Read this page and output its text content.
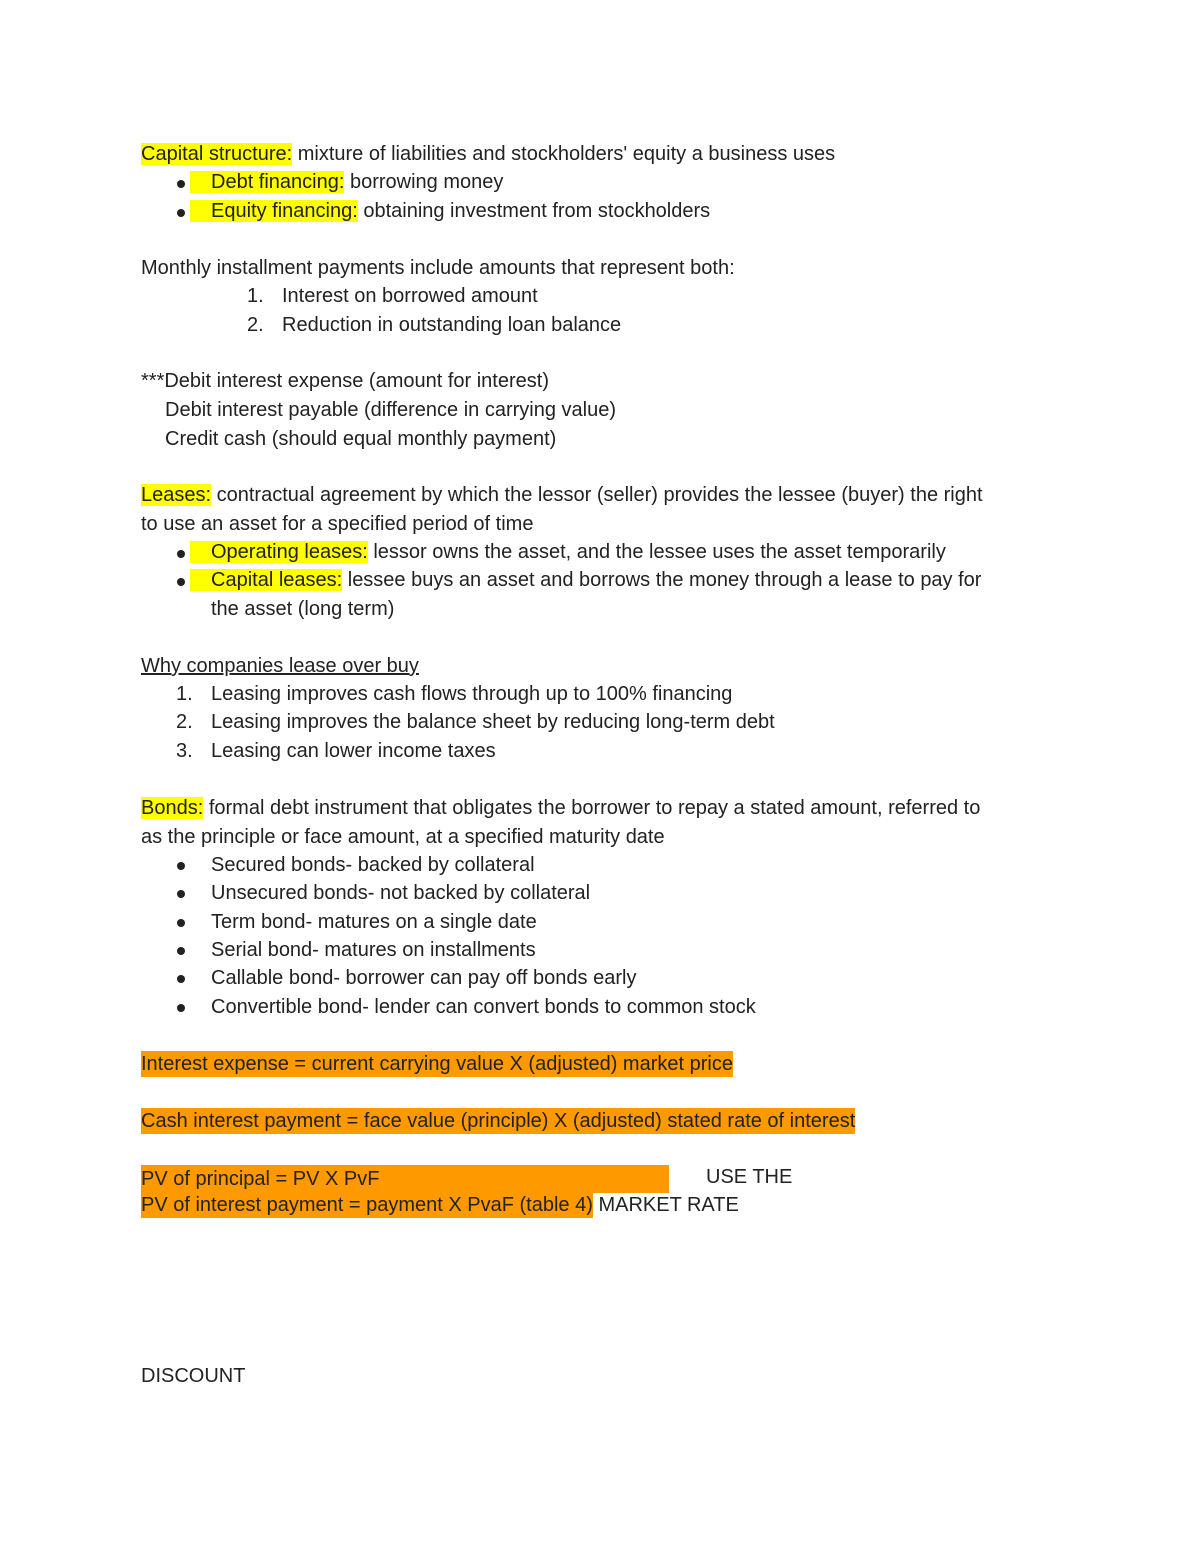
Capital structure: mixture of liabilities and stockholders' equity a business uses
Debt financing: borrowing money
Equity financing: obtaining investment from stockholders
Monthly installment payments include amounts that represent both:
1. Interest on borrowed amount
2. Reduction in outstanding loan balance
***Debit interest expense (amount for interest)
Debit interest payable (difference in carrying value)
Credit cash (should equal monthly payment)
Leases: contractual agreement by which the lessor (seller) provides the lessee (buyer) the right
to use an asset for a specified period of time
Operating leases: lessor owns the asset, and the lessee uses the asset temporarily
Capital leases: lessee buys an asset and borrows the money through a lease to pay for
the asset (long term)
Why companies lease over buy
1. Leasing improves cash flows through up to 100% financing
2. Leasing improves the balance sheet by reducing long-term debt
3. Leasing can lower income taxes
Bonds: formal debt instrument that obligates the borrower to repay a stated amount, referred to
as the principle or face amount, at a specified maturity date
Secured bonds- backed by collateral
Unsecured bonds- not backed by collateral
Term bond- matures on a single date
Serial bond- matures on installments
Callable bond- borrower can pay off bonds early
Convertible bond- lender can convert bonds to common stock
Interest expense = current carrying value X (adjusted) market price
Cash interest payment = face value (principle) X (adjusted) stated rate of interest
PV of principal = PV X PvF	USE THE
PV of interest payment = payment X PvaF (table 4) MARKET RATE
DISCOUNT
